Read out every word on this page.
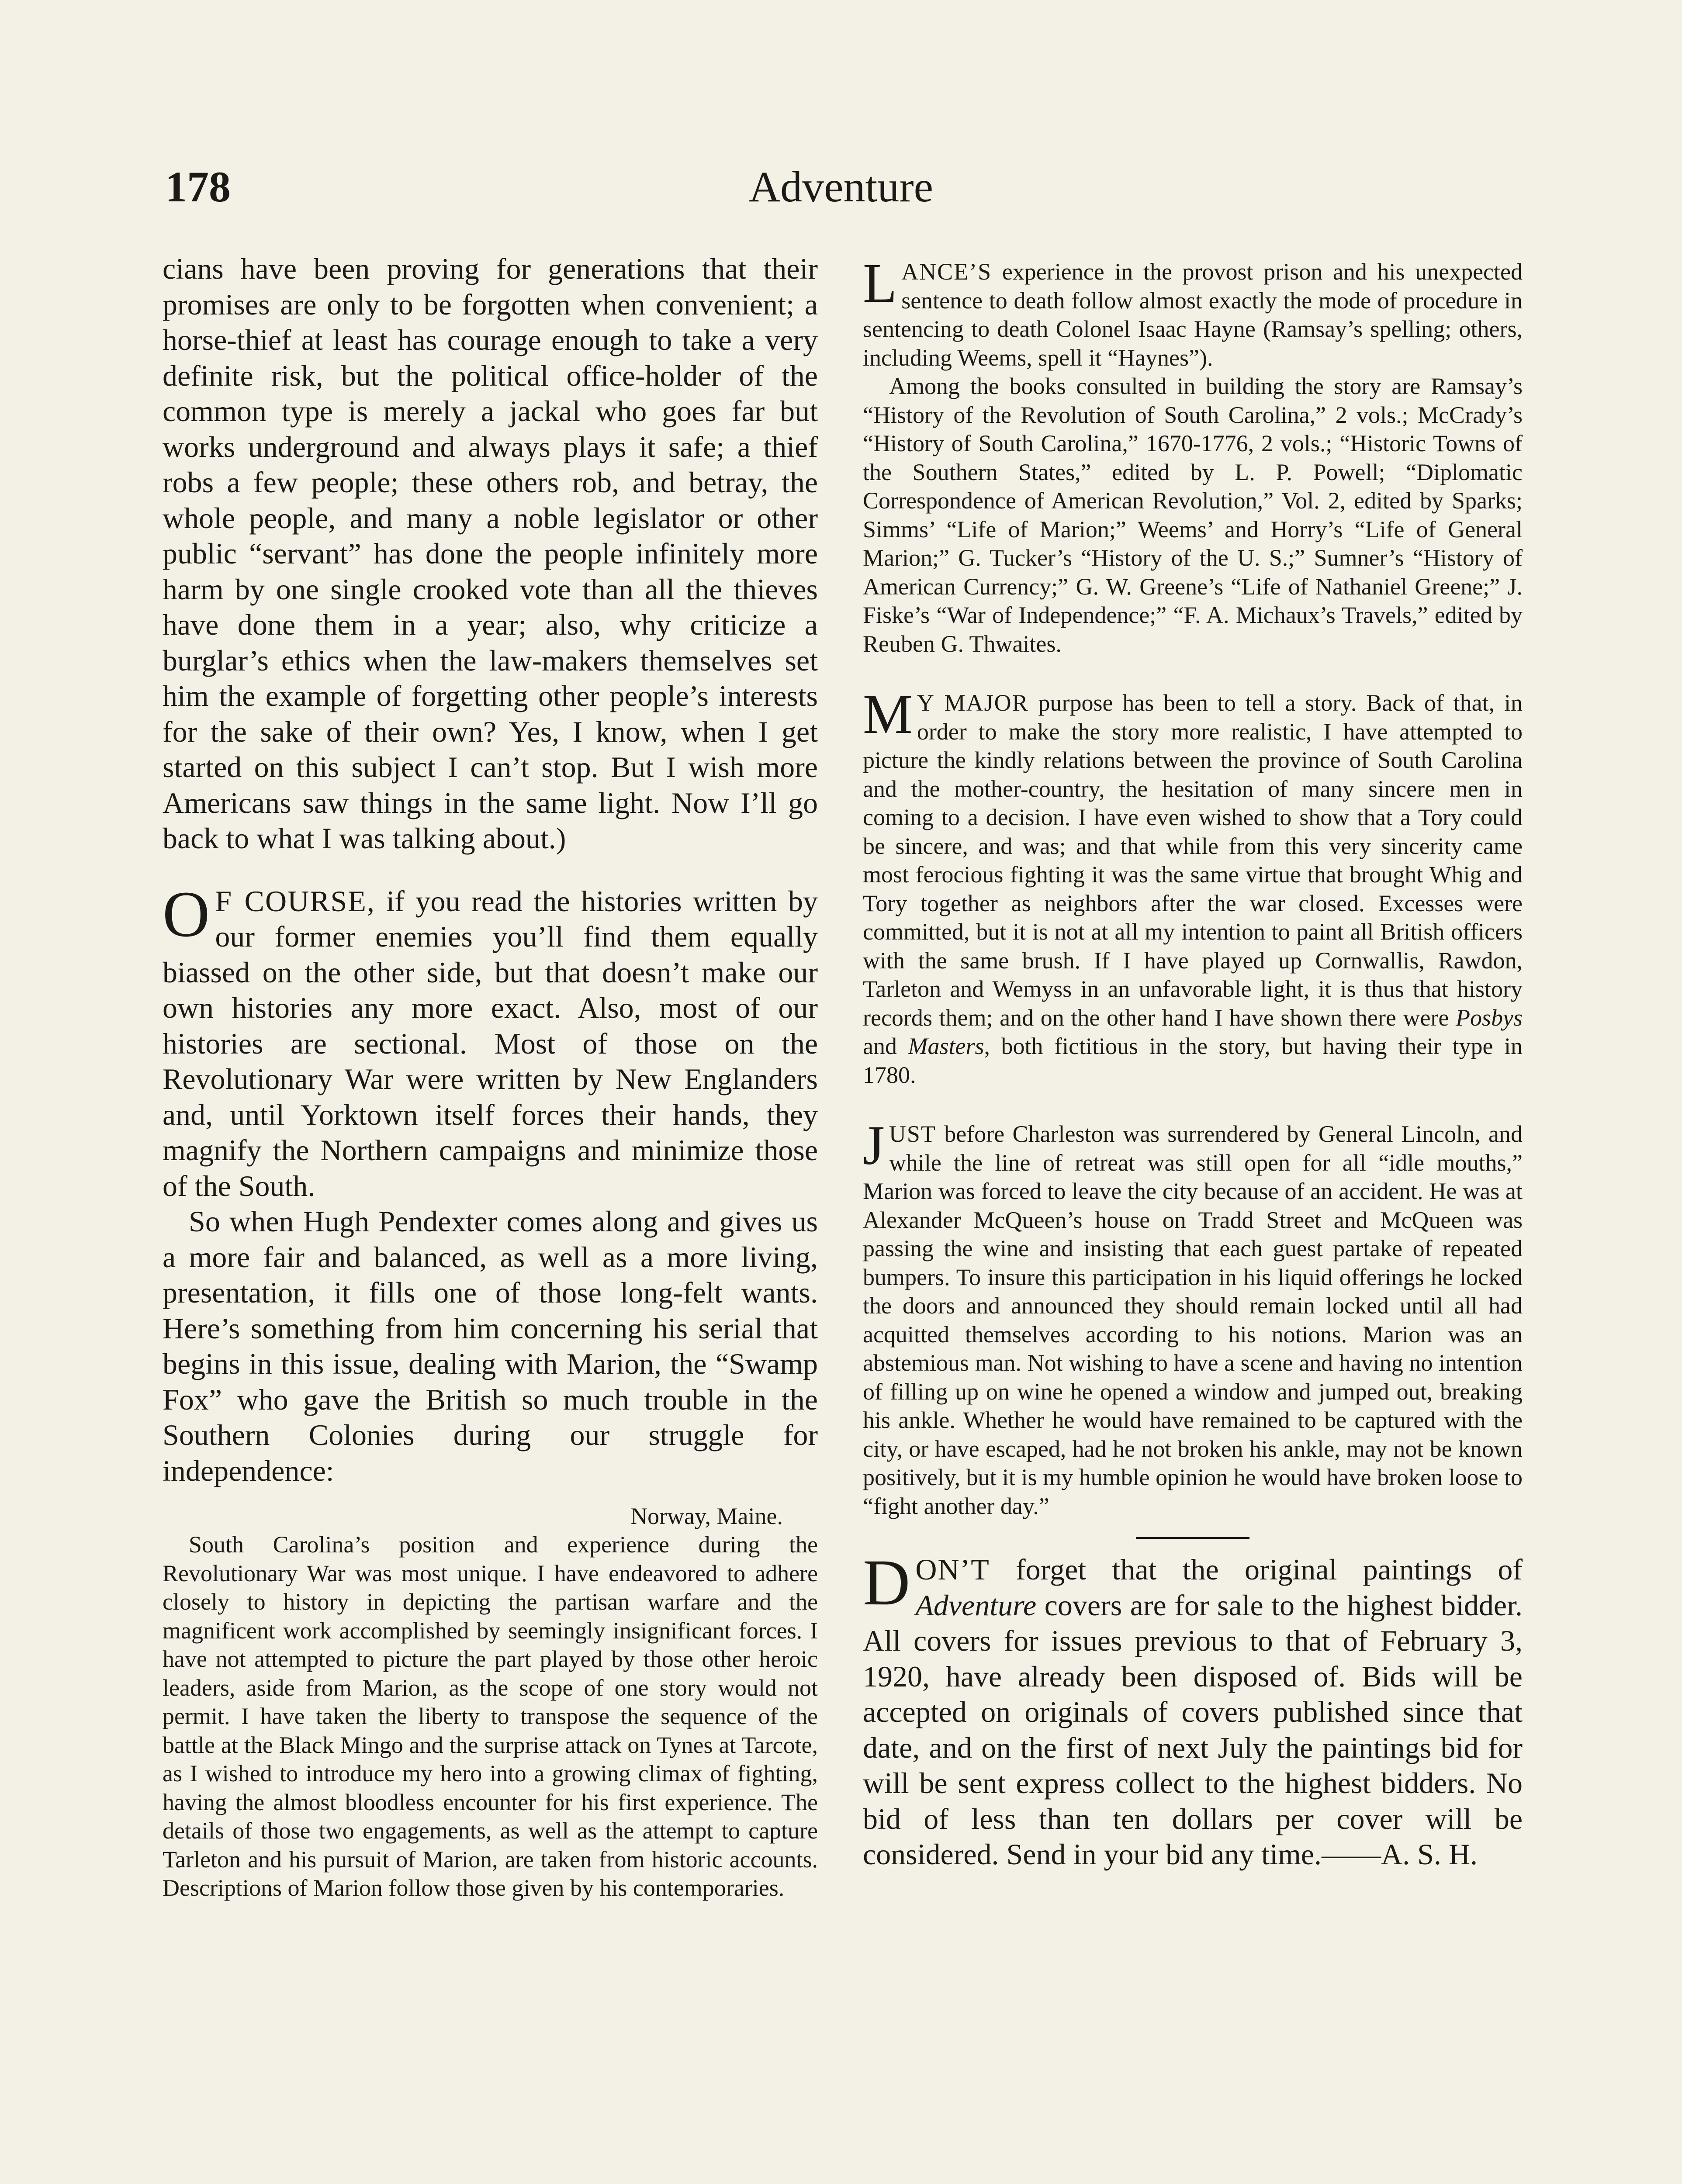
178	Adventure

cians have been proving for generations that their promises are only to be forgotten when convenient; a horse-thief at least has courage enough to take a very definite risk, but the political office-holder of the common type is merely a jackal who goes far but works underground and always plays it safe; a thief robs a few people; these others rob, and betray, the whole people, and many a noble legislator or other public “servant” has done the people infinitely more harm by one single crooked vote than all the thieves have done them in a year; also, why criticize a burglar’s ethics when the law-makers themselves set him the example of forgetting other people’s interests for the sake of their own? Yes, I know, when I get started on this subject I can’t stop. But I wish more Americans saw things in the same light. Now I’ll go back to what I was talking about.)

O F COURSE, if you read the histories written by our former enemies you’ll find them equally biassed on the other side, but that doesn’t make our own histories any more exact. Also, most of our histories are sectional. Most of those on the Revolutionary War were written by New Englanders and, until Yorktown itself forces their hands, they magnify the Northern campaigns and minimize those of the South.

So when Hugh Pendexter comes along and gives us a more fair and balanced, as well as a more living, presentation, it fills one of those long-felt wants. Here’s something from him concerning his serial that begins in this issue, dealing with Marion, the “Swamp Fox” who gave the British so much trouble in the Southern Colonies during our struggle for independence:

Norway, Maine.

South Carolina’s position and experience during the Revolutionary War was most unique. I have endeavored to adhere closely to history in depicting the partisan warfare and the magnificent work accomplished by seemingly insignificant forces. I have not attempted to picture the part played by those other heroic leaders, aside from Marion, as the scope of one story would not permit. I have taken the liberty to transpose the sequence of the battle at the Black Mingo and the surprise attack on Tynes at Tarcote, as I wished to introduce my hero into a growing climax of fighting, having the almost bloodless encounter for his first experience. The details of those two engagements, as well as the attempt to capture Tarleton and his pursuit of Marion, are taken from historic accounts. Descriptions of Marion follow those given by his contemporaries.

LANCE’S experience in the provost prison and his unexpected sentence to death follow almost exactly the mode of procedure in sentencing to death Colonel Isaac Hayne (Ramsay’s spelling; others, including Weems, spell it “Haynes”).

Among the books consulted in building the story are Ramsay’s “History of the Revolution of South Carolina,” 2 vols.; McCrady’s “History of South Carolina,” 1670-1776, 2 vols.; “Historic Towns of the Southern States,” edited by L. P. Powell; “Diplomatic Correspondence of American Revolution,” Vol. 2, edited by Sparks; Simms’ “Life of Marion;” Weems’ and Horry’s “Life of General Marion;” G. Tucker’s “History of the U. S.;” Sumner’s “History of American Currency;” G. W. Greene’s “Life of Nathaniel Greene;” J. Fiske’s “War of Independence;” “F. A. Michaux’s Travels,” edited by Reuben G. Thwaites.

M Y MAJOR purpose has been to tell a story. Back of that, in order to make the story more realistic, I have attempted to picture the kindly relations between the province of South Carolina and the mother-country, the hesitation of many sincere men in coming to a decision. I have even wished to show that a Tory could be sincere, and was; and that while from this very sincerity came most ferocious fighting it was the same virtue that brought Whig and Tory together as neighbors after the war closed. Excesses were committed, but it is not at all my intention to paint all British officers with the same brush. If I have played up Cornwallis, Rawdon, Tarleton and Wemyss in an unfavorable light, it is thus that history records them; and on the other hand I have shown there were Posbys and Masters, both fictitious in the story, but having their type in 1780.

JUST before Charleston was surrendered by General Lincoln, and while the line of retreat was still open for all “idle mouths,” Marion was forced to leave the city because of an accident. He was at Alexander McQueen’s house on Tradd Street and McQueen was passing the wine and insisting that each guest partake of repeated bumpers. To insure this participation in his liquid offerings he locked the doors and announced they should remain locked until all had acquitted themselves according to his notions. Marion was an abstemious man. Not wishing to have a scene and having no intention of filling up on wine he opened a window and jumped out, breaking his ankle. Whether he would have remained to be captured with the city, or have escaped, had he not broken his ankle, may not be known positively, but it is my humble opinion he would have broken loose to “fight another day.”

DON’T forget that the original paintings of Adventure covers are for sale to the highest bidder. All covers for issues previous to that of February 3, 1920, have already been disposed of. Bids will be accepted on originals of covers published since that date, and on the first of next July the paintings bid for will be sent express collect to the highest bidders. No bid of less than ten dollars per cover will be considered. Send in your bid any time.——A. S. H.
